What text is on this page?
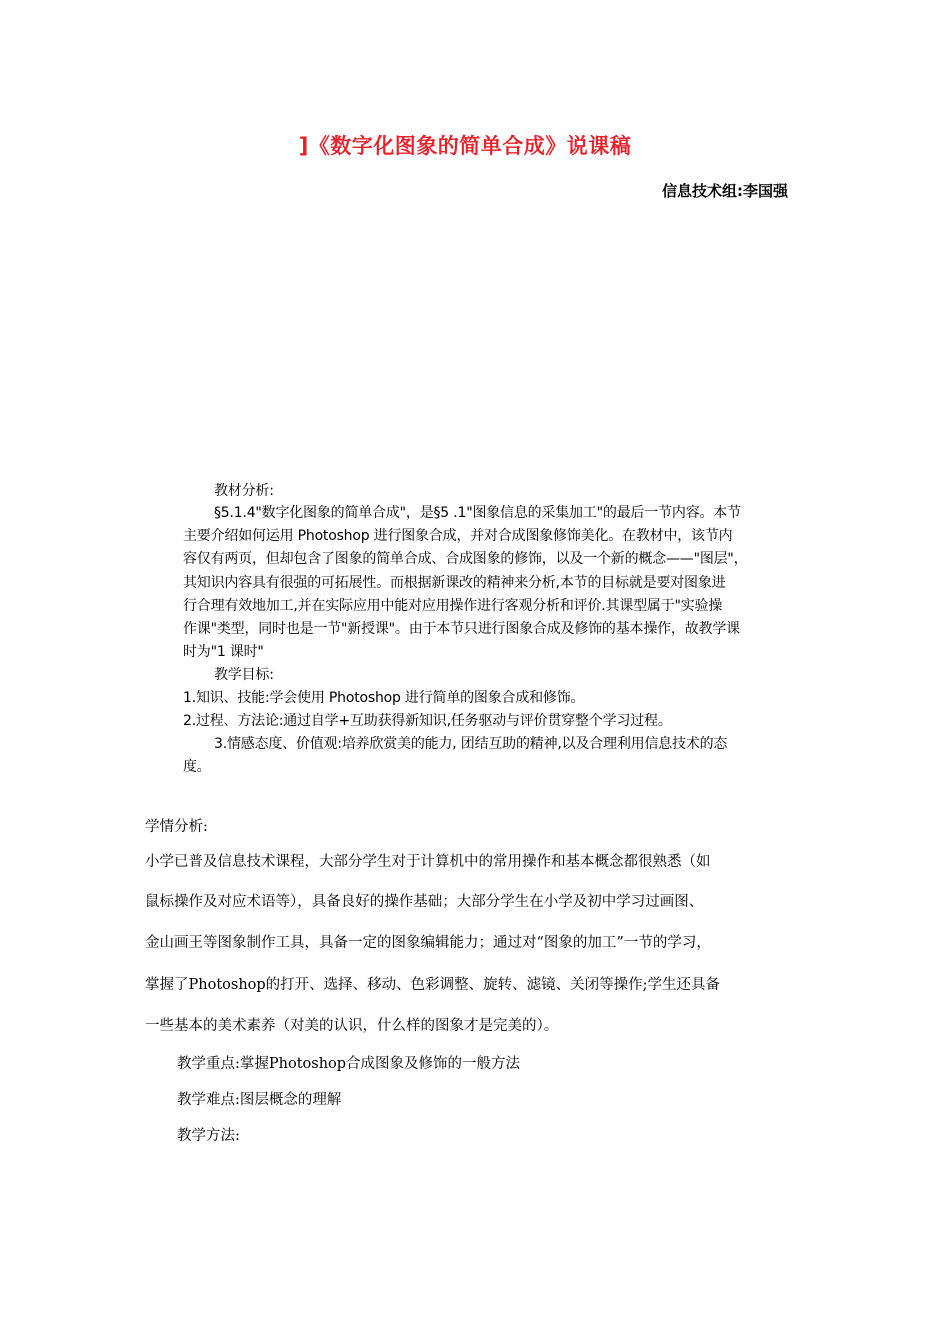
]《数字化图象的简单合成》说课稿
信息技术组:李国强
教材分析:
§5.1.4"数字化图象的简单合成"，是§5 .1"图象信息的采集加工"的最后一节内容。本节
主要介绍如何运用 Photoshop 进行图象合成，并对合成图象修饰美化。在教材中，该节内
容仅有两页，但却包含了图象的简单合成、合成图象的修饰，以及一个新的概念——"图层"，
其知识内容具有很强的可拓展性。而根据新课改的精神来分析,本节的目标就是要对图象进
行合理有效地加工,并在实际应用中能对应用操作进行客观分析和评价.其课型属于"实验操
作课"类型，同时也是一节"新授课"。由于本节只进行图象合成及修饰的基本操作，故教学课
时为"1 课时"
教学目标:
1.知识、技能:学会使用 Photoshop 进行简单的图象合成和修饰。
2.过程、方法论:通过自学+互助获得新知识,任务驱动与评价贯穿整个学习过程。
3.情感态度、价值观:培养欣赏美的能力, 团结互助的精神,以及合理利用信息技术的态
度。
学情分析:
小学已普及信息技术课程，大部分学生对于计算机中的常用操作和基本概念都很熟悉（如
鼠标操作及对应术语等），具备良好的操作基础；大部分学生在小学及初中学习过画图、
金山画王等图象制作工具，具备一定的图象编辑能力；通过对“图象的加工”一节的学习，
掌握了Photoshop的打开、选择、移动、色彩调整、旋转、滤镜、关闭等操作;学生还具备
一些基本的美术素养（对美的认识，什么样的图象才是完美的）。
教学重点:掌握Photoshop合成图象及修饰的一般方法
教学难点:图层概念的理解
教学方法:
